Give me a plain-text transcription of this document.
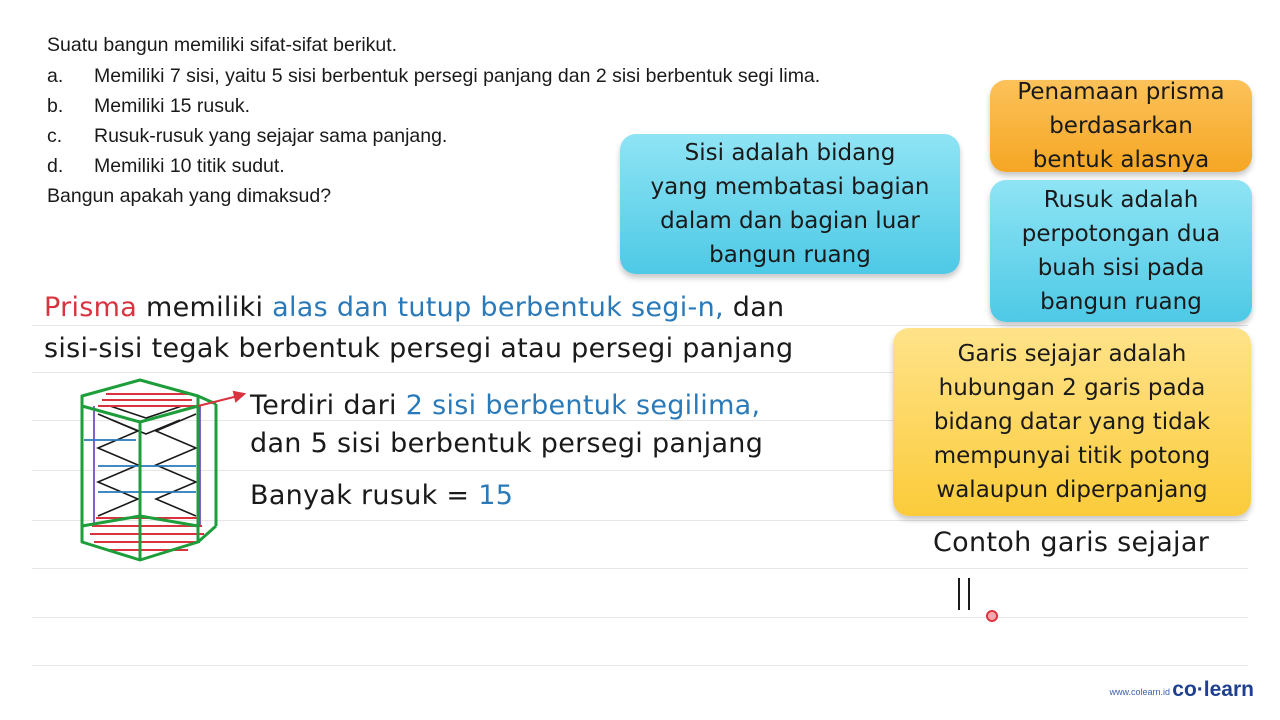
Suatu bangun memiliki sifat-sifat berikut.
a.	Memiliki 7 sisi, yaitu 5 sisi berbentuk persegi panjang dan 2 sisi berbentuk segi lima.
b.	Memiliki 15 rusuk.
c.	Rusuk-rusuk yang sejajar sama panjang.
d.	Memiliki 10 titik sudut.
Bangun apakah yang dimaksud?
Prisma memiliki alas dan tutup berbentuk segi-n, dan
sisi-sisi tegak berbentuk persegi atau persegi panjang
Terdiri dari 2 sisi berbentuk segilima,
dan 5 sisi berbentuk persegi panjang
Banyak rusuk = 15
Sisi adalah bidang
yang membatasi bagian
dalam dan bagian luar
bangun ruang
Penamaan prisma
berdasarkan
bentuk alasnya
Rusuk adalah
perpotongan dua
buah sisi pada
bangun ruang
Garis sejajar adalah
hubungan 2 garis pada
bidang datar yang tidak
mempunyai titik potong
walaupun diperpanjang
Contoh garis sejajar
www.colearn.id co·learn
